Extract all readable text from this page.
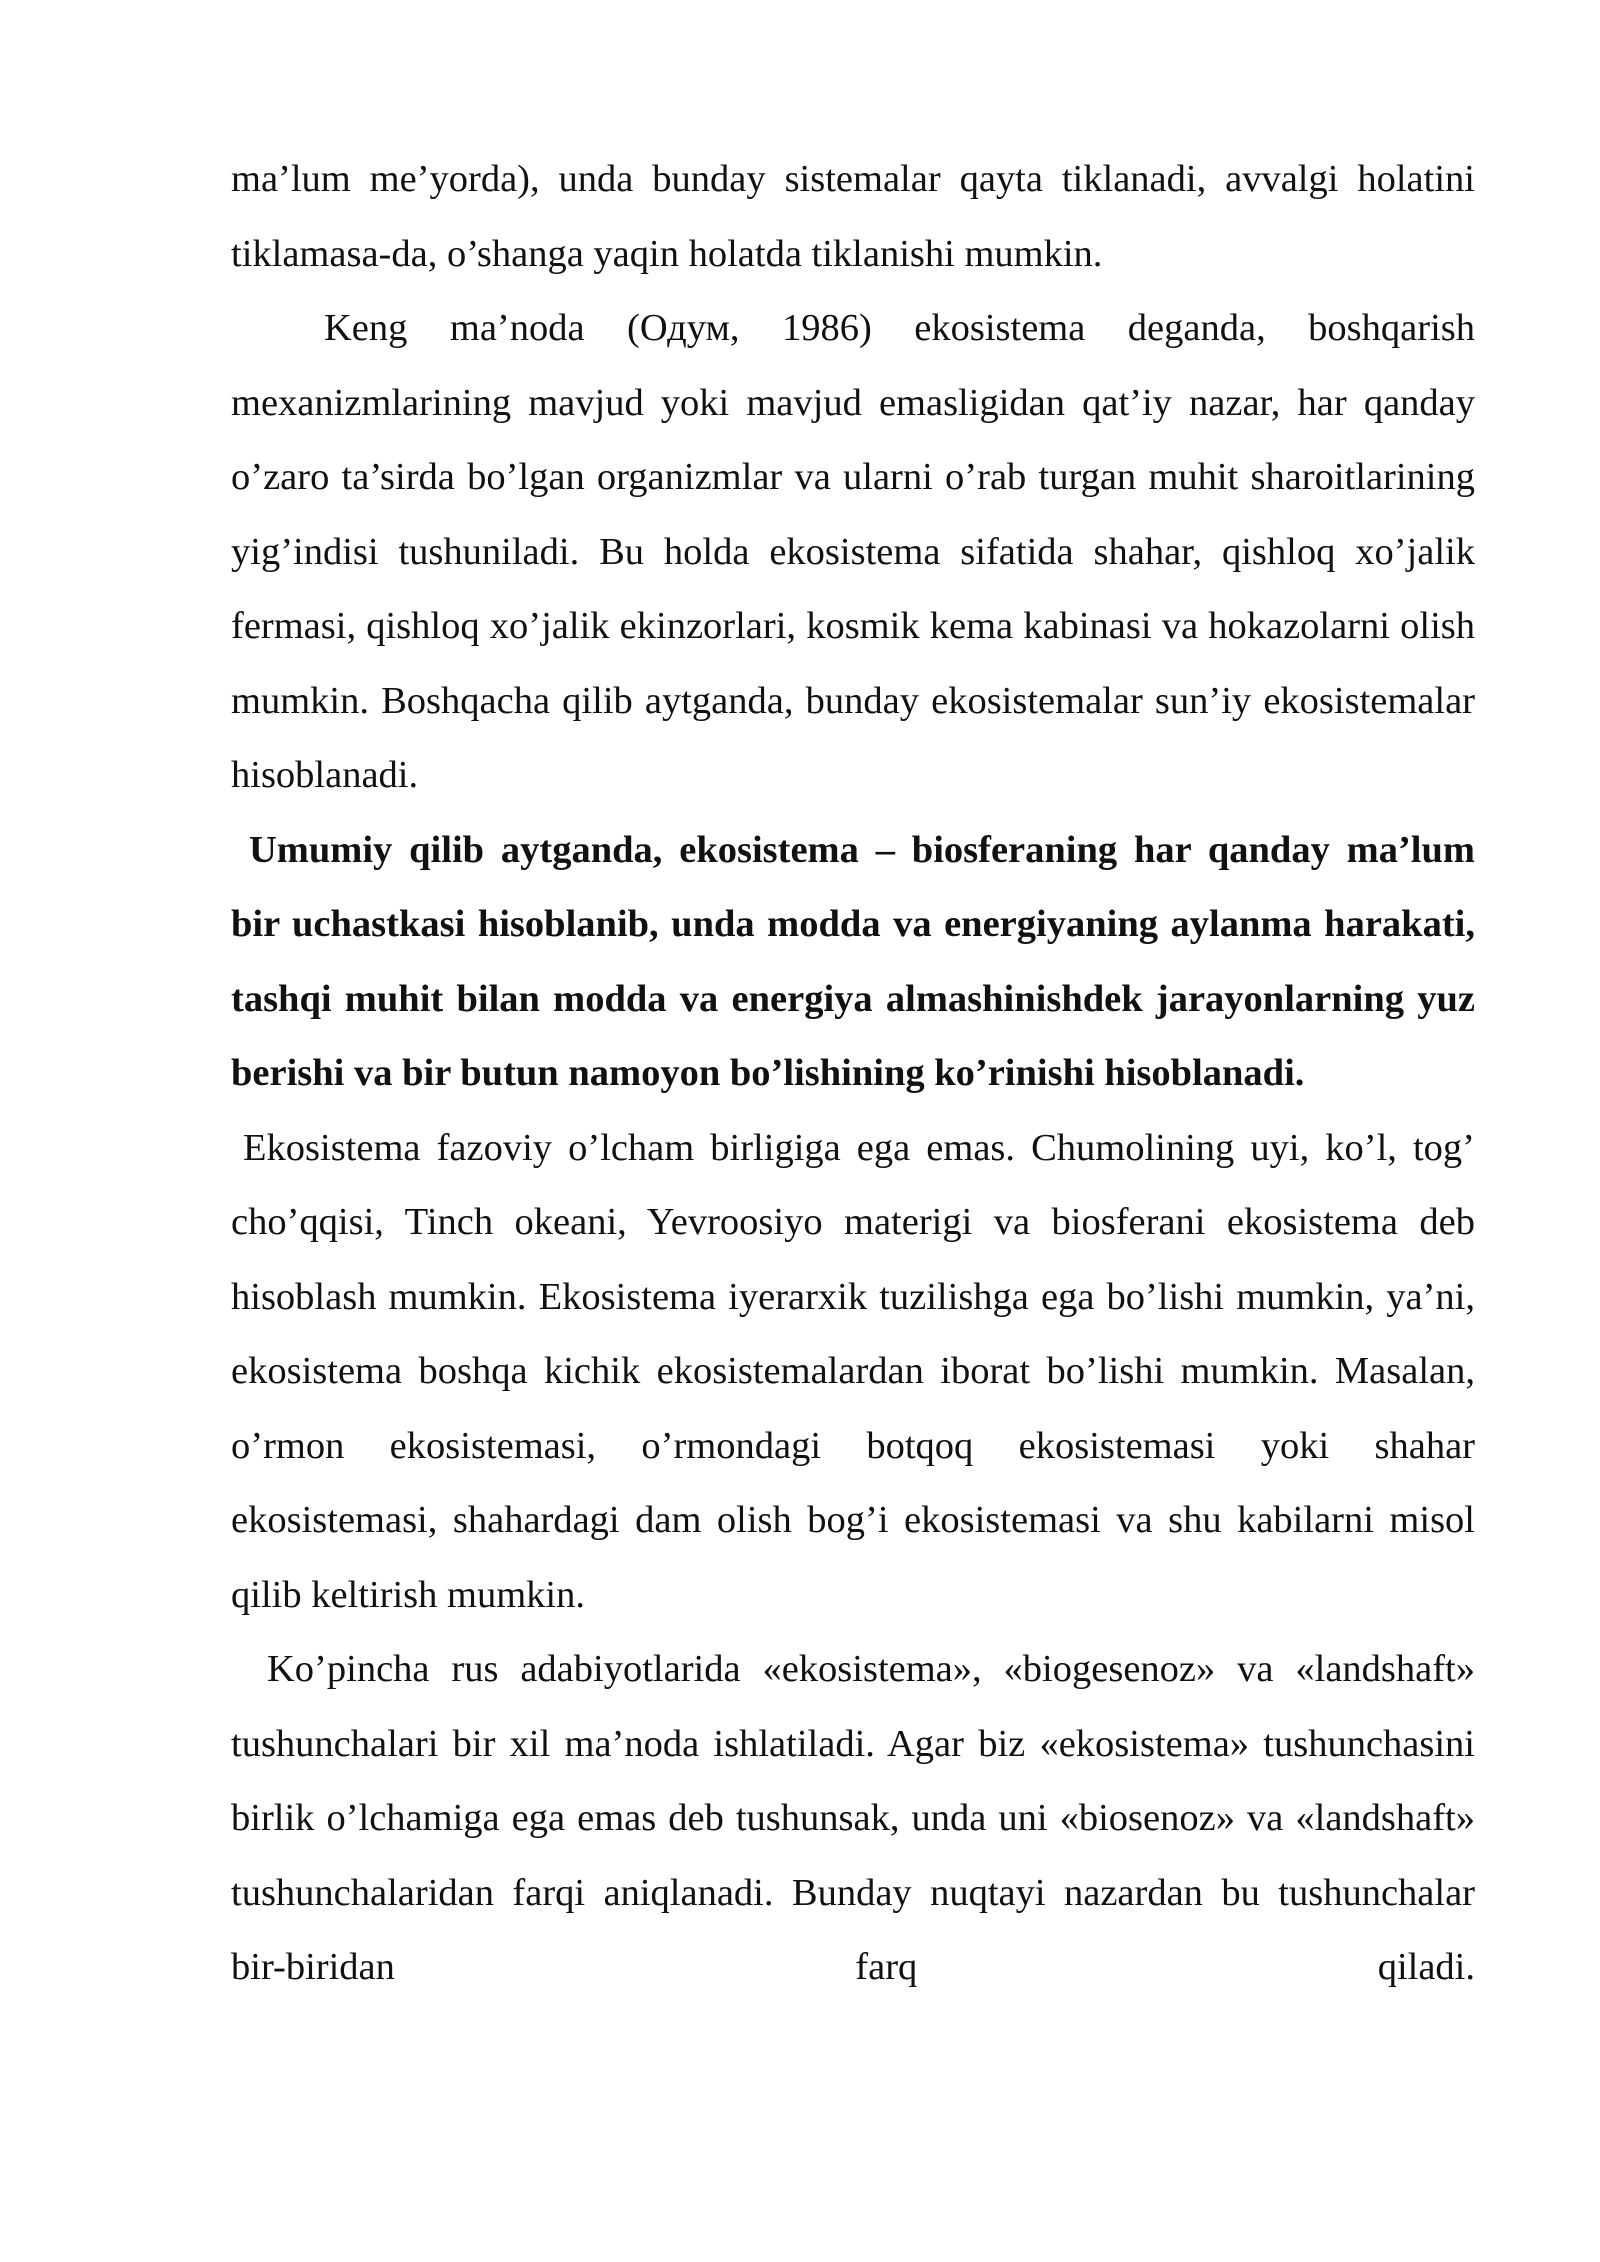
ma’lum me’yorda), unda bunday sistemalar qayta tiklanadi, avvalgi holatini tiklamasa-da, o’shanga yaqin holatda tiklanishi mumkin.

Keng ma’noda (Одум, 1986) ekosistema deganda, boshqarish mexanizmlarining mavjud yoki mavjud emasligidan qat’iy nazar, har qanday o’zaro ta’sirda bo’lgan organizmlar va ularni o’rab turgan muhit sharoitlarining yig’indisi tushuniladi. Bu holda ekosistema sifatida shahar, qishloq xo’jalik fermasi, qishloq xo’jalik ekinzorlari, kosmik kema kabinasi va hokazolarni olish mumkin. Boshqacha qilib aytganda, bunday ekosistemalar sun’iy ekosistemalar hisoblanadi.

Umumiy qilib aytganda, ekosistema – biosferaning har qanday ma’lum bir uchastkasi hisoblanib, unda modda va energiyaning aylanma harakati, tashqi muhit bilan modda va energiya almashinishdek jarayonlarning yuz berishi va bir butun namoyon bo’lishining ko’rinishi hisoblanadi.

Ekosistema fazoviy o’lcham birligiga ega emas. Chumolining uyi, ko’l, tog’ cho’qqisi, Tinch okeani, Yevroosiyo materigi va biosferani ekosistema deb hisoblash mumkin. Ekosistema iyerarxik tuzilishga ega bo’lishi mumkin, ya’ni, ekosistema boshqa kichik ekosistemalardan iborat bo’lishi mumkin. Masalan, o’rmon ekosistemasi, o’rmondagi botqoq ekosistemasi yoki shahar ekosistemasi, shahardagi dam olish bog’i ekosistemasi va shu kabilarni misol qilib keltirish mumkin.

Ko’pincha rus adabiyotlarida «ekosistema», «biogesenoz» va «landshaft» tushunchalari bir xil ma’noda ishlatiladi. Agar biz «ekosistema» tushunchasini birlik o’lchamiga ega emas deb tushunsak, unda uni «biosenoz» va «landshaft» tushunchalaridan farqi aniqlanadi. Bunday nuqtayi nazardan bu tushunchalar bir-biridan farq qiladi.
